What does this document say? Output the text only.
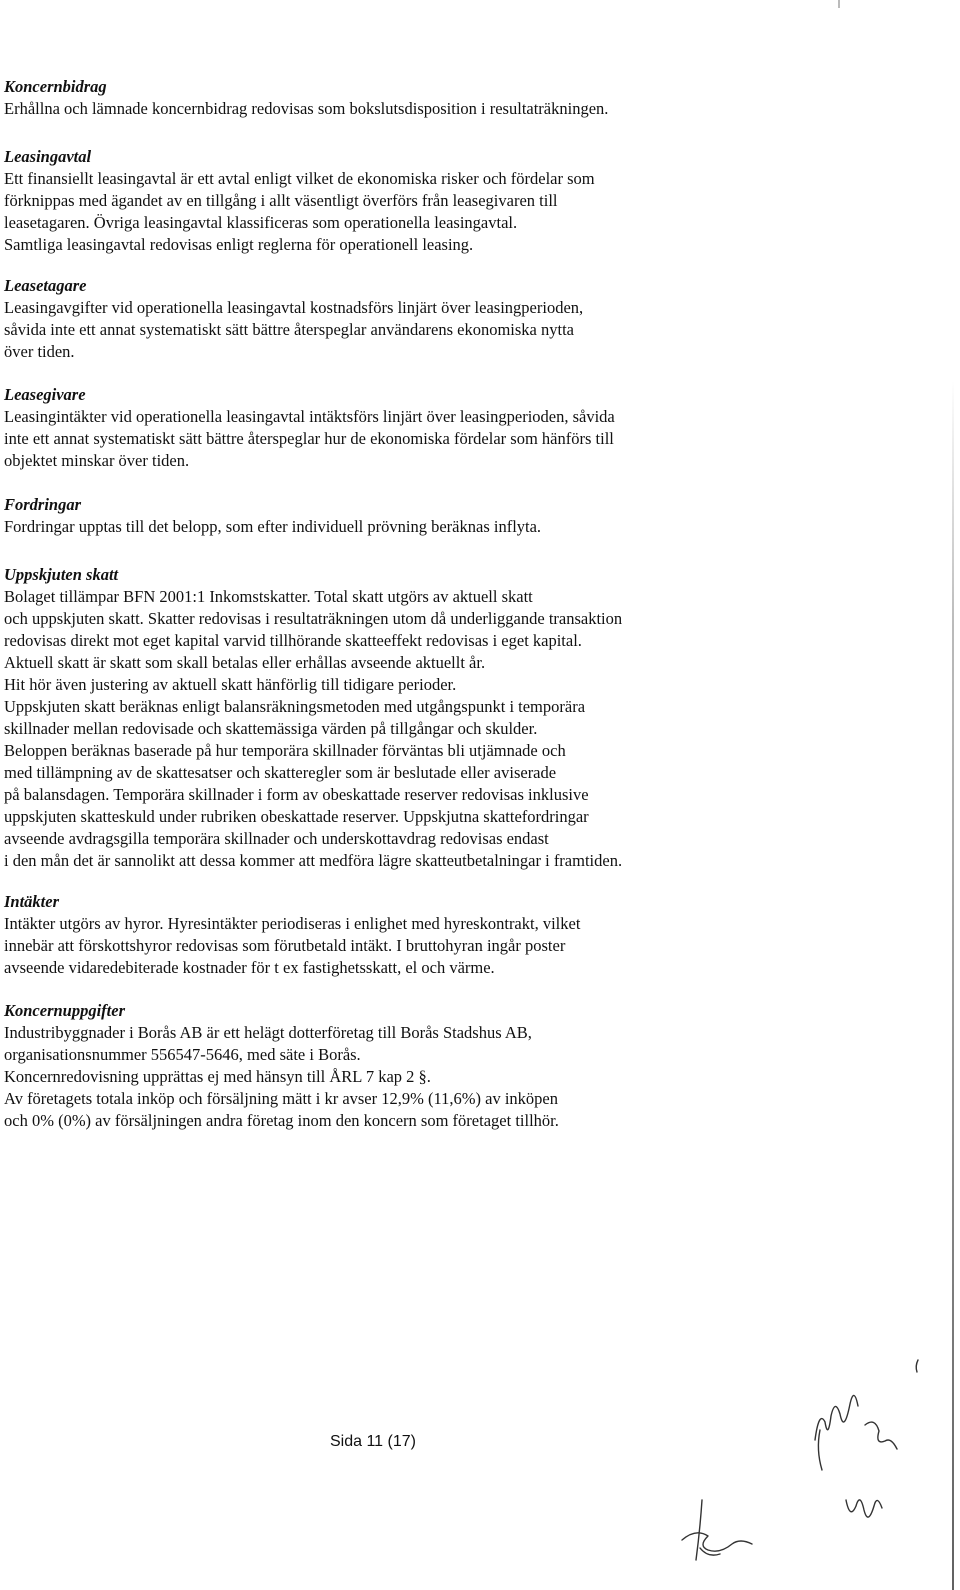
Koncernbidrag
Erhållna och lämnade koncernbidrag redovisas som bokslutsdisposition i resultaträkningen.
Leasingavtal
Ett finansiellt leasingavtal är ett avtal enligt vilket de ekonomiska risker och fördelar som
förknippas med ägandet av en tillgång i allt väsentligt överförs från leasegivaren till
leasetagaren. Övriga leasingavtal klassificeras som operationella leasingavtal.
Samtliga leasingavtal redovisas enligt reglerna för operationell leasing.
Leasetagare
Leasingavgifter vid operationella leasingavtal kostnadsförs linjärt över leasingperioden,
såvida inte ett annat systematiskt sätt bättre återspeglar användarens ekonomiska nytta
över tiden.
Leasegivare
Leasingintäkter vid operationella leasingavtal intäktsförs linjärt över leasingperioden, såvida
inte ett annat systematiskt sätt bättre återspeglar hur de ekonomiska fördelar som hänförs till
objektet minskar över tiden.
Fordringar
Fordringar upptas till det belopp, som efter individuell prövning beräknas inflyta.
Uppskjuten skatt
Bolaget tillämpar BFN 2001:1 Inkomstskatter. Total skatt utgörs av aktuell skatt
och uppskjuten skatt. Skatter redovisas i resultaträkningen utom då underliggande transaktion
redovisas direkt mot eget kapital varvid tillhörande skatteeffekt redovisas i eget kapital.
Aktuell skatt är skatt som skall betalas eller erhållas avseende aktuellt år.
Hit hör även justering av aktuell skatt hänförlig till tidigare perioder.
Uppskjuten skatt beräknas enligt balansräkningsmetoden med utgångspunkt i temporära
skillnader mellan redovisade och skattemässiga värden på tillgångar och skulder.
Beloppen beräknas baserade på hur temporära skillnader förväntas bli utjämnade och
med tillämpning av de skattesatser och skatteregler som är beslutade eller aviserade
på balansdagen. Temporära skillnader i form av obeskattade reserver redovisas inklusive
uppskjuten skatteskuld under rubriken obeskattade reserver. Uppskjutna skattefordringar
avseende avdragsgilla temporära skillnader och underskottavdrag redovisas endast
i den mån det är sannolikt att dessa kommer att medföra lägre skatteutbetalningar i framtiden.
Intäkter
Intäkter utgörs av hyror. Hyresintäkter periodiseras i enlighet med hyreskontrakt, vilket
innebär att förskottshyror redovisas som förutbetald intäkt. I bruttohyran ingår poster
avseende vidaredebiterade kostnader för t ex fastighetsskatt, el och värme.
Koncernuppgifter
Industribyggnader i Borås AB är ett helägt dotterföretag till Borås Stadshus AB,
organisationsnummer 556547-5646, med säte i Borås.
Koncernredovisning upprättas ej med hänsyn till ÅRL 7 kap 2 §.
Av företagets totala inköp och försäljning mätt i kr avser 12,9% (11,6%) av inköpen
och 0% (0%) av försäljningen andra företag inom den koncern som företaget tillhör.
Sida 11 (17)
